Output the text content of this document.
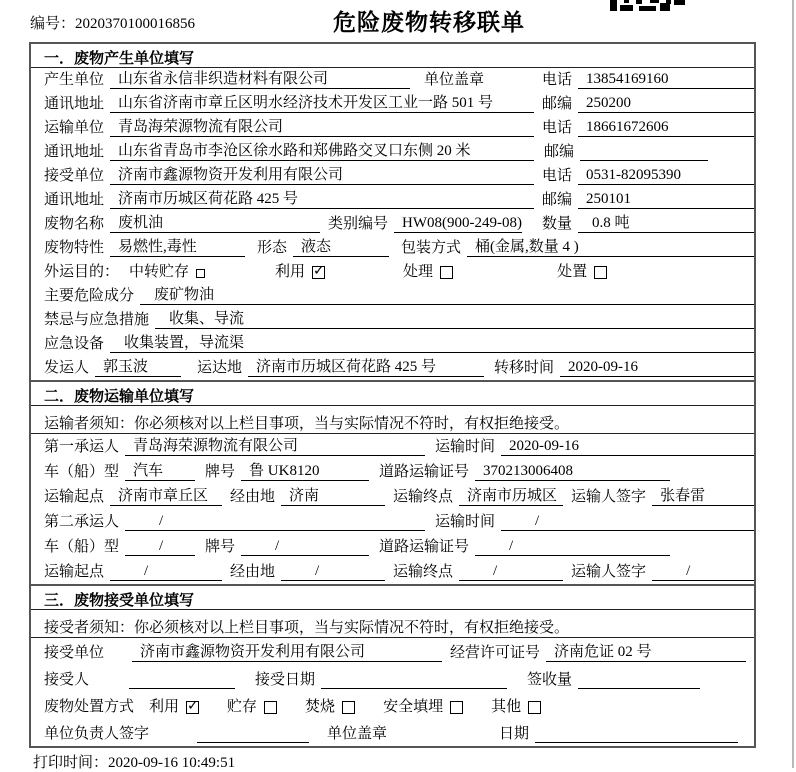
编号：2020370100016856	危险废物转移联单
一．废物产生单位填写
产生单位 山东省永信非织造材料有限公司	单位盖章	电话 13854169160
通讯地址 山东省济南市章丘区明水经济技术开发区工业一路 501 号	邮编 250200
运输单位 青岛海荣源物流有限公司	电话 18661672606
通讯地址 山东省青岛市李沧区徐水路和郑佛路交叉口东侧 20 米	邮编
接受单位 济南市鑫源物资开发利用有限公司	电话 0531-82095390
通讯地址 济南市历城区荷花路 425 号	邮编 250101
废物名称 废机油	类别编号 HW08(900-249-08) 数量	0.8 吨
废物特性 易燃性,毒性	形态 液态	包装方式 桶(金属,数量 4 )
外运目的： 中转贮存	利用 ✓	处理	处置
主要危险成分	废矿物油
禁忌与应急措施	收集、导流
应急设备	收集装置，导流渠
发运人 郭玉波	运达地 济南市历城区荷花路 425 号	转移时间 2020-09-16
二．废物运输单位填写
运输者须知：你必须核对以上栏目事项，当与实际情况不符时，有权拒绝接受。
第一承运人 青岛海荣源物流有限公司	运输时间 2020-09-16
车（船）型 汽车	牌号 鲁 UK8120	道路运输证号 370213006408
运输起点 济南市章丘区	经由地 济南	运输终点 济南市历城区 运输人签字 张春雷
第二承运人	/	运输时间	/
车（船）型	/	牌号	/	道路运输证号	/
运输起点	/	经由地	/	运输终点	/	运输人签字	/
三．废物接受单位填写
接受者须知：你必须核对以上栏目事项，当与实际情况不符时，有权拒绝接受。
接受单位	济南市鑫源物资开发利用有限公司	经营许可证号 济南危证 02 号
接受人	接受日期	签收量
废物处置方式 利用 ✓	贮存	焚烧	安全填埋	其他
单位负责人签字	单位盖章	日期
打印时间：2020-09-16 10:49:51
